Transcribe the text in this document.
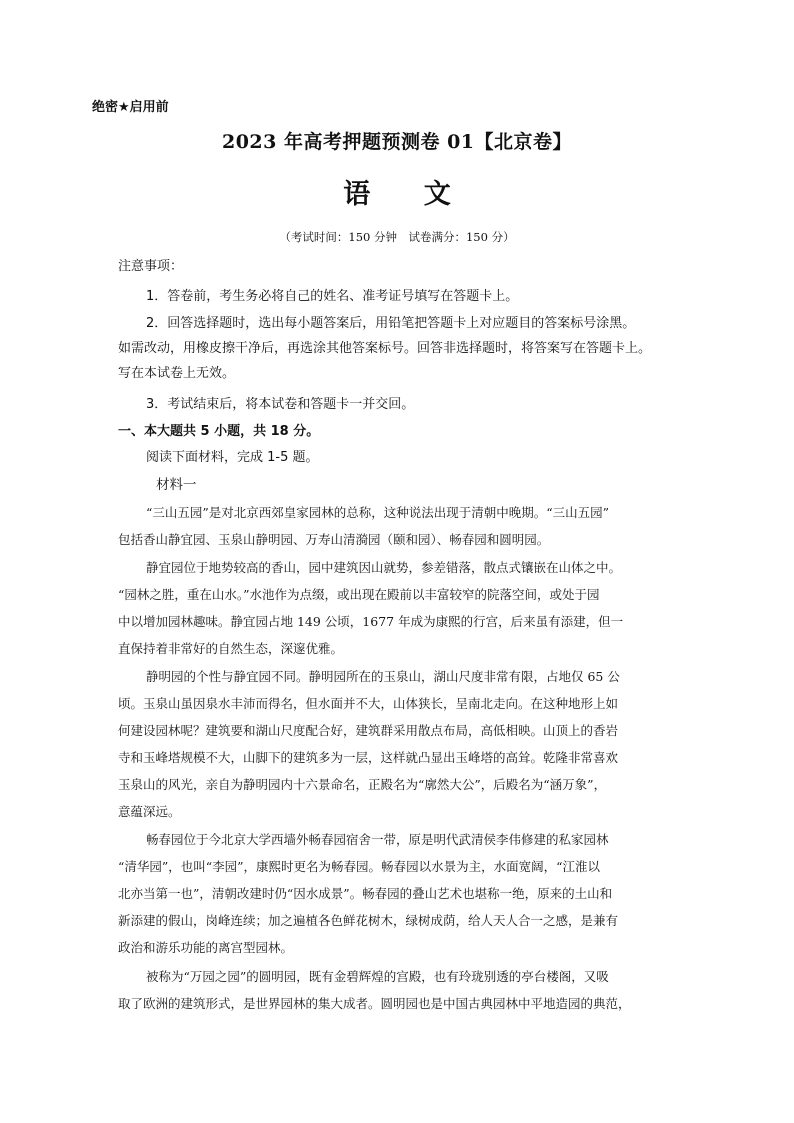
绝密★启用前
2023 年高考押题预测卷 01【北京卷】
语 文
（考试时间：150 分钟　试卷满分：150 分）
注意事项：
1．答卷前，考生务必将自己的姓名、准考证号填写在答题卡上。
2．回答选择题时，选出每小题答案后，用铅笔把答题卡上对应题目的答案标号涂黑。
如需改动，用橡皮擦干净后，再选涂其他答案标号。回答非选择题时，将答案写在答题卡上。
写在本试卷上无效。
3．考试结束后，将本试卷和答题卡一并交回。
一、本大题共 5 小题，共 18 分。
阅读下面材料，完成 1-5 题。
材料一
“三山五园”是对北京西郊皇家园林的总称，这种说法出现于清朝中晚期。“三山五园”
包括香山静宜园、玉泉山静明园、万寿山清漪园（颐和园）、畅春园和圆明园。
静宜园位于地势较高的香山，园中建筑因山就势，参差错落，散点式镶嵌在山体之中。
“园林之胜，重在山水。”水池作为点缀，或出现在殿前以丰富较窄的院落空间，或处于园
中以增加园林趣味。静宜园占地 149 公顷，1677 年成为康熙的行宫，后来虽有添建，但一
直保持着非常好的自然生态，深邃优雅。
静明园的个性与静宜园不同。静明园所在的玉泉山，湖山尺度非常有限，占地仅 65 公
顷。玉泉山虽因泉水丰沛而得名，但水面并不大，山体狭长，呈南北走向。在这种地形上如
何建设园林呢？建筑要和湖山尺度配合好，建筑群采用散点布局，高低相映。山顶上的香岩
寺和玉峰塔规模不大，山脚下的建筑多为一层，这样就凸显出玉峰塔的高耸。乾隆非常喜欢
玉泉山的风光，亲自为静明园内十六景命名，正殿名为“廓然大公”，后殿名为“涵万象”，
意蕴深远。
畅春园位于今北京大学西墙外畅春园宿舍一带，原是明代武清侯李伟修建的私家园林
“清华园”，也叫“李园”，康熙时更名为畅春园。畅春园以水景为主，水面宽阔，“江淮以
北亦当第一也”，清朝改建时仍“因水成景”。畅春园的叠山艺术也堪称一绝，原来的土山和
新添建的假山，岗峰连续；加之遍植各色鲜花树木，绿树成荫，给人天人合一之感，是兼有
政治和游乐功能的离宫型园林。
被称为“万园之园”的圆明园，既有金碧辉煌的宫殿，也有玲珑别透的亭台楼阁，又吸
取了欧洲的建筑形式，是世界园林的集大成者。圆明园也是中国古典园林中平地造园的典范，
